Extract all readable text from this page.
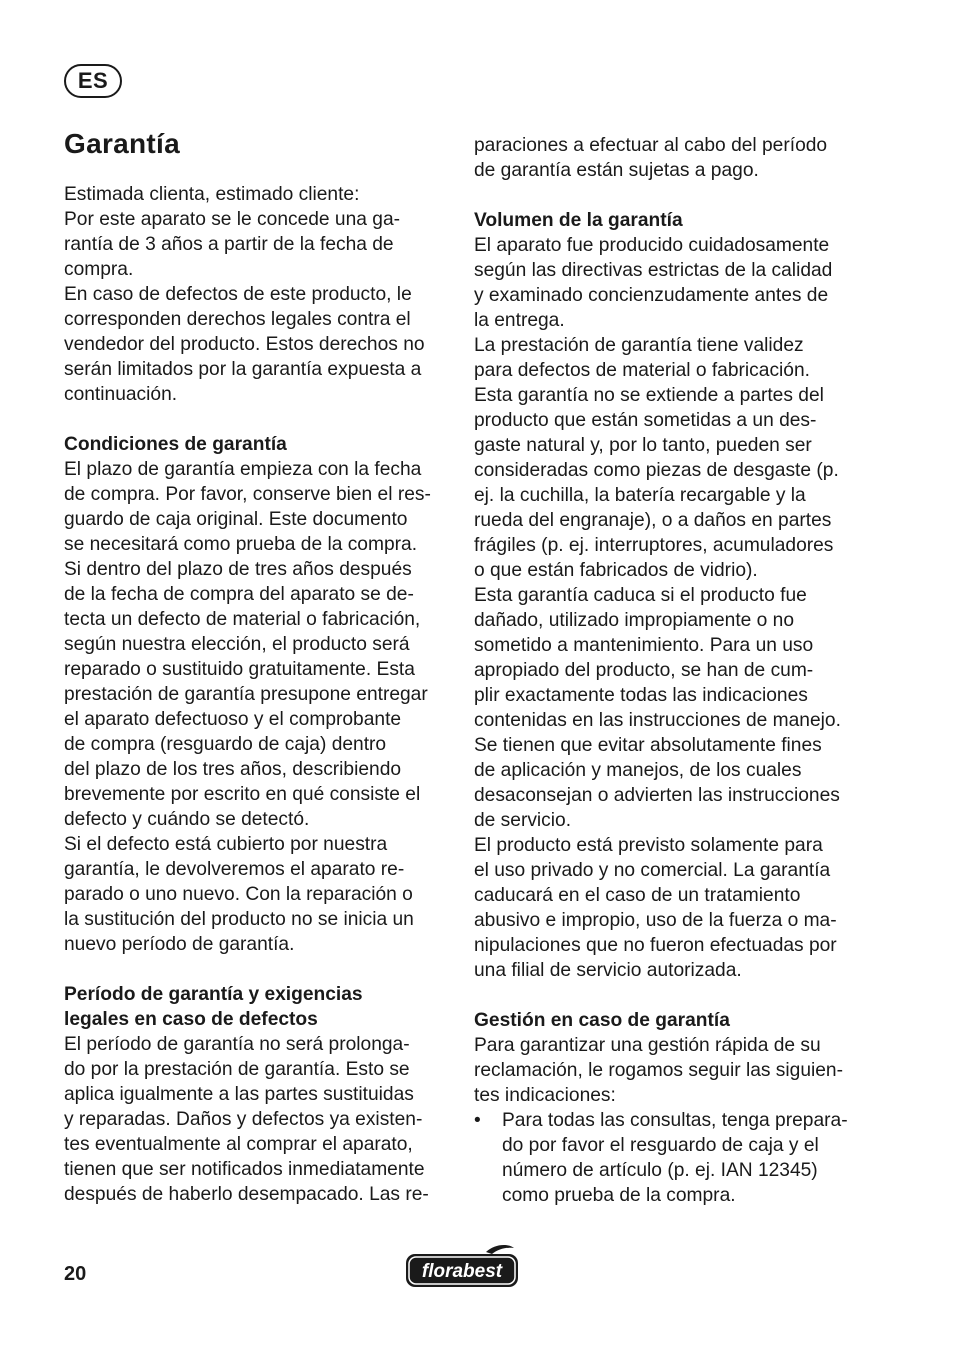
ES
Garantía

Estimada clienta, estimado cliente:

Por este aparato se le concede una ga-

rantía de 3 años a partir de la fecha de

compra.

En caso de defectos de este producto, le

corresponden derechos legales contra el

vendedor del producto. Estos derechos no

serán limitados por la garantía expuesta a

continuación.

Condiciones de garantía

El plazo de garantía empieza con la fecha

de compra. Por favor, conserve bien el res-

guardo de caja original. Este documento

se necesitará como prueba de la compra.

Si dentro del plazo de tres años después

de la fecha de compra del aparato se de-

tecta un defecto de material o fabricación,

según nuestra elección, el producto será

reparado o sustituido gratuitamente. Esta

prestación de garantía presupone entregar

el aparato defectuoso y el comprobante

de compra (resguardo de caja) dentro

del plazo de los tres años, describiendo

brevemente por escrito en qué consiste el

defecto y cuándo se detectó.

Si el defecto está cubierto por nuestra

garantía, le devolveremos el aparato re-

parado o uno nuevo. Con la reparación o

la sustitución del producto no se inicia un

nuevo período de garantía.

Período de garantía y exigencias
legales en caso de defectos

El período de garantía no será prolonga-

do por la prestación de garantía. Esto se

aplica igualmente a las partes sustituidas

y reparadas. Daños y defectos ya existen-

tes eventualmente al comprar el aparato,

tienen que ser notificados inmediatamente

después de haberlo desempacado. Las re-

paraciones a efectuar al cabo del período

de garantía están sujetas a pago.

Volumen de la garantía

El aparato fue producido cuidadosamente

según las directivas estrictas de la calidad

y examinado concienzudamente antes de

la entrega.

La prestación de garantía tiene validez

para defectos de material o fabricación.

Esta garantía no se extiende a partes del

producto que están sometidas a un des-

gaste natural y, por lo tanto, pueden ser

consideradas como piezas de desgaste (p.

ej. la cuchilla, la batería recargable y la

rueda del engranaje), o a daños en partes

frágiles (p. ej. interruptores, acumuladores

o que están fabricados de vidrio).

Esta garantía caduca si el producto fue

dañado, utilizado impropiamente o no

sometido a mantenimiento. Para un uso

apropiado del producto, se han de cum-

plir exactamente todas las indicaciones

contenidas en las instrucciones de manejo.

Se tienen que evitar absolutamente fines

de aplicación y manejos, de los cuales

desaconsejan o advierten las instrucciones

de servicio.

El producto está previsto solamente para

el uso privado y no comercial. La garantía

caducará en el caso de un tratamiento

abusivo e impropio, uso de la fuerza o ma-

nipulaciones que no fueron efectuadas por

una filial de servicio autorizada.

Gestión en caso de garantía

Para garantizar una gestión rápida de su

reclamación, le rogamos seguir las siguien-

tes indicaciones:

•	Para todas las consultas, tenga prepara-

do por favor el resguardo de caja y el

número de artículo (p. ej. IAN 12345)

como prueba de la compra.

20	florabest
